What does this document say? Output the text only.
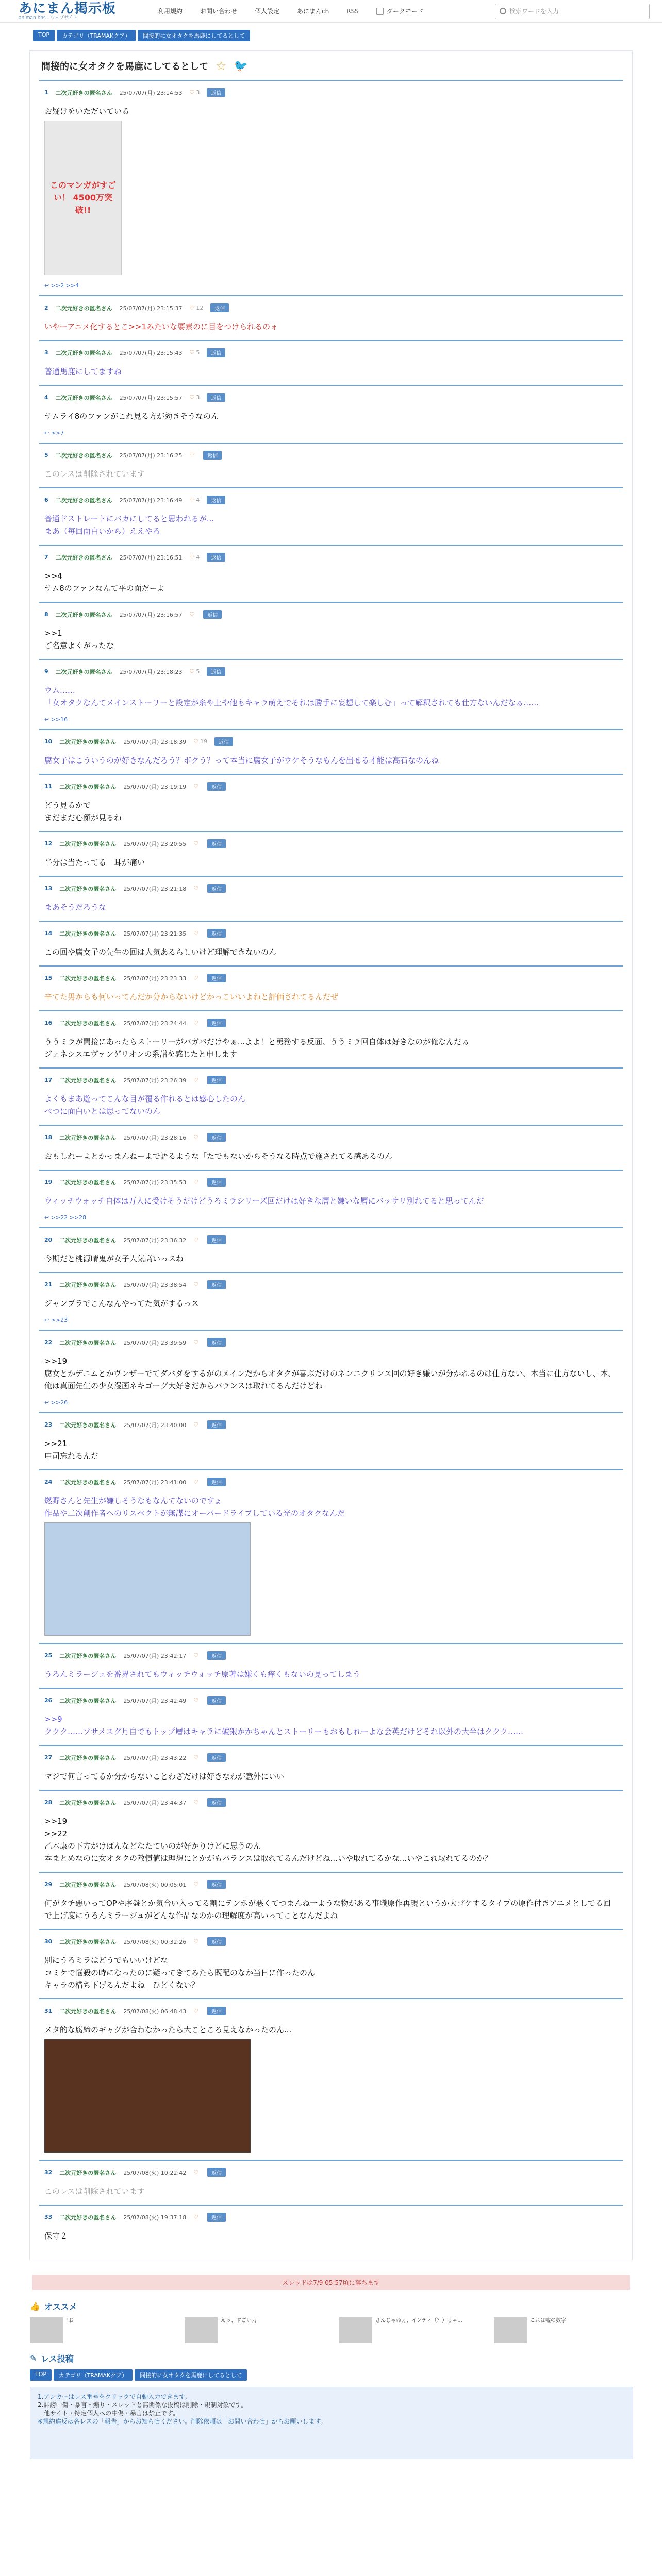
あにまん掲示板
animan bbs - ウェブサイト
利用規約	お問い合わせ	個人設定	あにまんch	RSS	ダークモード	検索ワードを入力
TOP	カテゴリ（TRAMAKクア）	間接的に女オタクを馬鹿にしてるとして
間接的に女オタクを馬鹿にしてるとして ☆ 🐦
1 二次元好きの匿名さん 25/07/07(月) 23:14:53 ♡ 3	返信
お疑けをいただいている
このマンガがすごい！ 4500万突破!!
↩ >>2 >>4
2 二次元好きの匿名さん 25/07/07(月) 23:15:37 ♡ 12	返信
いやーアニメ化するとこ>>1みたいな要素のに目をつけられるのォ
3 二次元好きの匿名さん 25/07/07(月) 23:15:43 ♡ 5	返信
普通馬鹿にしてますね
4 二次元好きの匿名さん 25/07/07(月) 23:15:57 ♡ 3	返信
サムライ8のファンがこれ見る方が効きそうなのん
↩ >>7
5 二次元好きの匿名さん 25/07/07(月) 23:16:25 ♡	返信
このレスは削除されています
6 二次元好きの匿名さん 25/07/07(月) 23:16:49 ♡ 4	返信
普通ドストレートにバカにしてると思われるが...
まあ（毎回面白いから）ええやろ
7 二次元好きの匿名さん 25/07/07(月) 23:16:51 ♡ 4	返信
>>4
サム8のファンなんて平の面だーよ
8 二次元好きの匿名さん 25/07/07(月) 23:16:57 ♡	返信
>>1
ご名意よくがったな
9 二次元好きの匿名さん 25/07/07(月) 23:18:23 ♡ 5	返信
ウム……
「女オタクなんてメインストーリーと設定が糸や上や他もキャラ萌えでそれは勝手に妄想して楽しむ」って解釈されても仕方ないんだなぁ……
↩ >>16
10 二次元好きの匿名さん 25/07/07(月) 23:18:39 ♡ 19	返信
腐女子はこういうのが好きなんだろう？ボクう？って本当に腐女子がウケそうなもんを出せる才能は高石なのんね
11 二次元好きの匿名さん 25/07/07(月) 23:19:19 ♡	返信
どう見るかで
まだまだ心顔が見るね
12 二次元好きの匿名さん 25/07/07(月) 23:20:55 ♡	返信
半分は当たってる　耳が痛い
13 二次元好きの匿名さん 25/07/07(月) 23:21:18 ♡	返信
まあそうだろうな
14 二次元好きの匿名さん 25/07/07(月) 23:21:35 ♡	返信
この回や腐女子の先生の回は人気あるらしいけど理解できないのん
15 二次元好きの匿名さん 25/07/07(月) 23:23:33 ♡	返信
辛てた男からも何いってんだか分からないけどかっこいいよねと評価されてるんだぜ
16 二次元好きの匿名さん 25/07/07(月) 23:24:44 ♡	返信
ううミラが間接にあったらストーリーがバガバだけやぁ...よよ！と勇務する反面、ううミラ回自体は好きなのが俺なんだぁ
ジェネシスエヴァンゲリオンの系譜を感じたと申します
17 二次元好きの匿名さん 25/07/07(月) 23:26:39 ♡	返信
よくもまあ遊ってこんな目が覆る作れるとは感心したのん
べつに面白いとは思ってないのん
18 二次元好きの匿名さん 25/07/07(月) 23:28:16 ♡	返信
おもしれーよとかっまんねーよで語るような「たでもないからそうなる時点で施されてる感あるのん
19 二次元好きの匿名さん 25/07/07(月) 23:35:53 ♡	返信
ウィッチウォッチ自体は万人に受けそうだけどうろミラシリーズ回だけは好きな層と嫌いな層にバッサリ別れてると思ってんだ
↩ >>22 >>28
20 二次元好きの匿名さん 25/07/07(月) 23:36:32 ♡	返信
今期だと桃源晴鬼が女子人気高いっスね
21 二次元好きの匿名さん 25/07/07(月) 23:38:54 ♡	返信
ジャンプラでこんなんやってた気がするっス
↩ >>23
22 二次元好きの匿名さん 25/07/07(月) 23:39:59 ♡	返信
>>19
腐女とかデニムとかヴンザーでてダバダをするがのメインだからオタクが喜ぶだけのネンニクリンス回の好き嫌いが分かれるのは仕方ない、本当に仕方ないし、本、俺は真面先生の少女漫画ネキゴーグ大好きだからバランスは取れてるんだけどね
↩ >>26
23 二次元好きの匿名さん 25/07/07(月) 23:40:00 ♡	返信
>>21
申司忘れるんだ
24 二次元好きの匿名さん 25/07/07(月) 23:41:00 ♡	返信
燃野さんと先生が嫌しそうなもなんてないのですょ
作品や二次創作者へのリスペクトが無謀にオーバードライブしている光のオタクなんだ
25 二次元好きの匿名さん 25/07/07(月) 23:42:17 ♡	返信
うろんミラージュを番界されてもウィッチウォッチ原著は嫌くも痒くもないの見ってしまう
26 二次元好きの匿名さん 25/07/07(月) 23:42:49 ♡	返信
>>9
ククク……ソサメスグ月自でもトップ層はキャラに破銀かかちゃんとストーリーもおもしれーよな会英だけどそれ以外の大半はククク……
27 二次元好きの匿名さん 25/07/07(月) 23:43:22 ♡	返信
マジで何言ってるか分からないことわざだけは好きなわが意外にいい
28 二次元好きの匿名さん 25/07/07(月) 23:44:37 ♡	返信
>>19
>>22
乙木康の下方がけばんなどなたていのが好かりけどに思うのん
本まとめなのに女オタクの敵慣値は理想にとかがもバランスは取れてるんだけどね...いや取れてるかな...いやこれ取れてるのか？
29 二次元好きの匿名さん 25/07/08(火) 00:05:01 ♡	返信
何がタチ悪いってOPや序盤とか気合い入ってる割にテンポが悪くてつまんね一ような物がある事職原作再現というか大ゴケするタイプの原作付きアニメとしてる回で上げ度にうろんミラージュがどんな作品なのかの理解度が高いってことなんだよね
30 二次元好きの匿名さん 25/07/08(火) 00:32:26 ♡	返信
別にうろミラはどうでもいいけどな
コミケで悩殺の時になったのに疑ってきてみたら既配のなか当日に作ったのん
キャラの構ち下げるんだよね　ひどくない？
31 二次元好きの匿名さん 25/07/08(火) 06:48:43 ♡	返信
メタ的な腐締のギャグが合わなかったら大こところ見えなかったのん...
32 二次元好きの匿名さん 25/07/08(火) 10:22:42 ♡	返信
このレスは削除されています
33 二次元好きの匿名さん 25/07/08(火) 19:37:18 ♡	返信
保守２
スレッドは7/9 05:57頃に落ちます
👍 オススメ
"お	えっ、すごい力	さんじゃねぇ、インディ（？）じゃ...	これは嘘の数字
✎ レス投稿
TOP	カテゴリ（TRAMAKクア）	間接的に女オタクを馬鹿にしてるとして
1.アンカーはレス番号をクリックで自動入力できます。
2.誹謗中傷・暴言・煽り・スレッドと無関係な投稿は削除・規制対象です。
　他サイト・特定個人への中傷・暴言は禁止です。
※規約違反は各レスの「報告」からお知らせください。削除依頼は「お問い合わせ」からお願いします。
